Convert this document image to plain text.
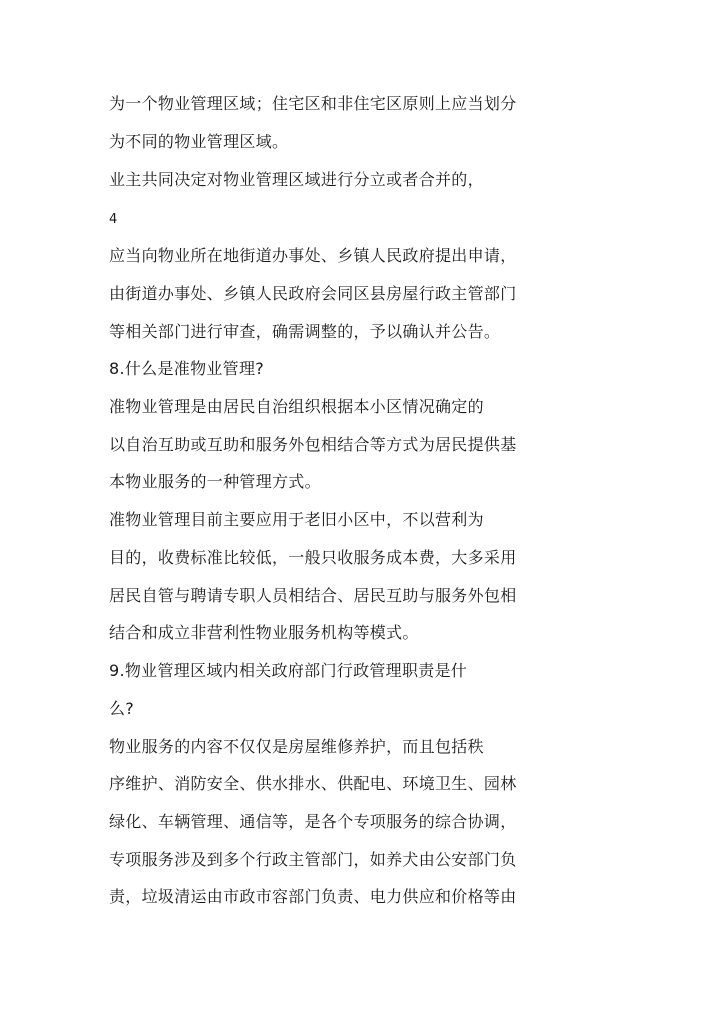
为一个物业管理区域；住宅区和非住宅区原则上应当划分
为不同的物业管理区域。
业主共同决定对物业管理区域进行分立或者合并的，
4
应当向物业所在地街道办事处、乡镇人民政府提出申请，
由街道办事处、乡镇人民政府会同区县房屋行政主管部门
等相关部门进行审查，确需调整的，予以确认并公告。
8.什么是准物业管理?
准物业管理是由居民自治组织根据本小区情况确定的
以自治互助或互助和服务外包相结合等方式为居民提供基
本物业服务的一种管理方式。
准物业管理目前主要应用于老旧小区中，不以营利为
目的，收费标准比较低，一般只收服务成本费，大多采用
居民自管与聘请专职人员相结合、居民互助与服务外包相
结合和成立非营利性物业服务机构等模式。
9.物业管理区域内相关政府部门行政管理职责是什
么?
物业服务的内容不仅仅是房屋维修养护，而且包括秩
序维护、消防安全、供水排水、供配电、环境卫生、园林
绿化、车辆管理、通信等，是各个专项服务的综合协调，
专项服务涉及到多个行政主管部门，如养犬由公安部门负
责，垃圾清运由市政市容部门负责、电力供应和价格等由
